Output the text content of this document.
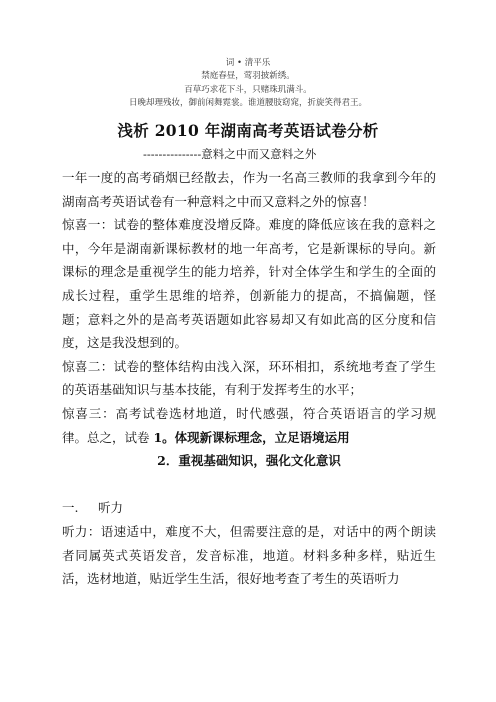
词 • 清平乐
禁庭春昼，莺羽披新绣。
百草巧求花下斗，只赌珠玑满斗。
日晚却理残妆，御前闲舞霓裳。谁道腰肢窈窕，折旋笑得君王。
浅析 2010 年湖南高考英语试卷分析
---------------意料之中而又意料之外

一年一度的高考硝烟已经散去，作为一名高三教师的我拿到今年的湖南高考英语试卷有一种意料之中而又意料之外的惊喜！

惊喜一：试卷的整体难度没增反降。难度的降低应该在我的意料之中，今年是湖南新课标教材的地一年高考，它是新课标的导向。新课标的理念是重视学生的能力培养，针对全体学生和学生的全面的成长过程，重学生思维的培养，创新能力的提高，不搞偏题，怪题；意料之外的是高考英语题如此容易却又有如此高的区分度和信度，这是我没想到的。

惊喜二：试卷的整体结构由浅入深，环环相扣，系统地考查了学生的英语基础知识与基本技能，有利于发挥考生的水平；

惊喜三：高考试卷选材地道，时代感强，符合英语语言的学习规律。总之，试卷 1。体现新课标理念，立足语境运用

2．重视基础知识，强化文化意识

一. 听力

听力：语速适中，难度不大，但需要注意的是，对话中的两个朗读者同属英式英语发音，发音标准，地道。材料多种多样，贴近生活，选材地道，贴近学生生活，很好地考查了考生的英语听力
